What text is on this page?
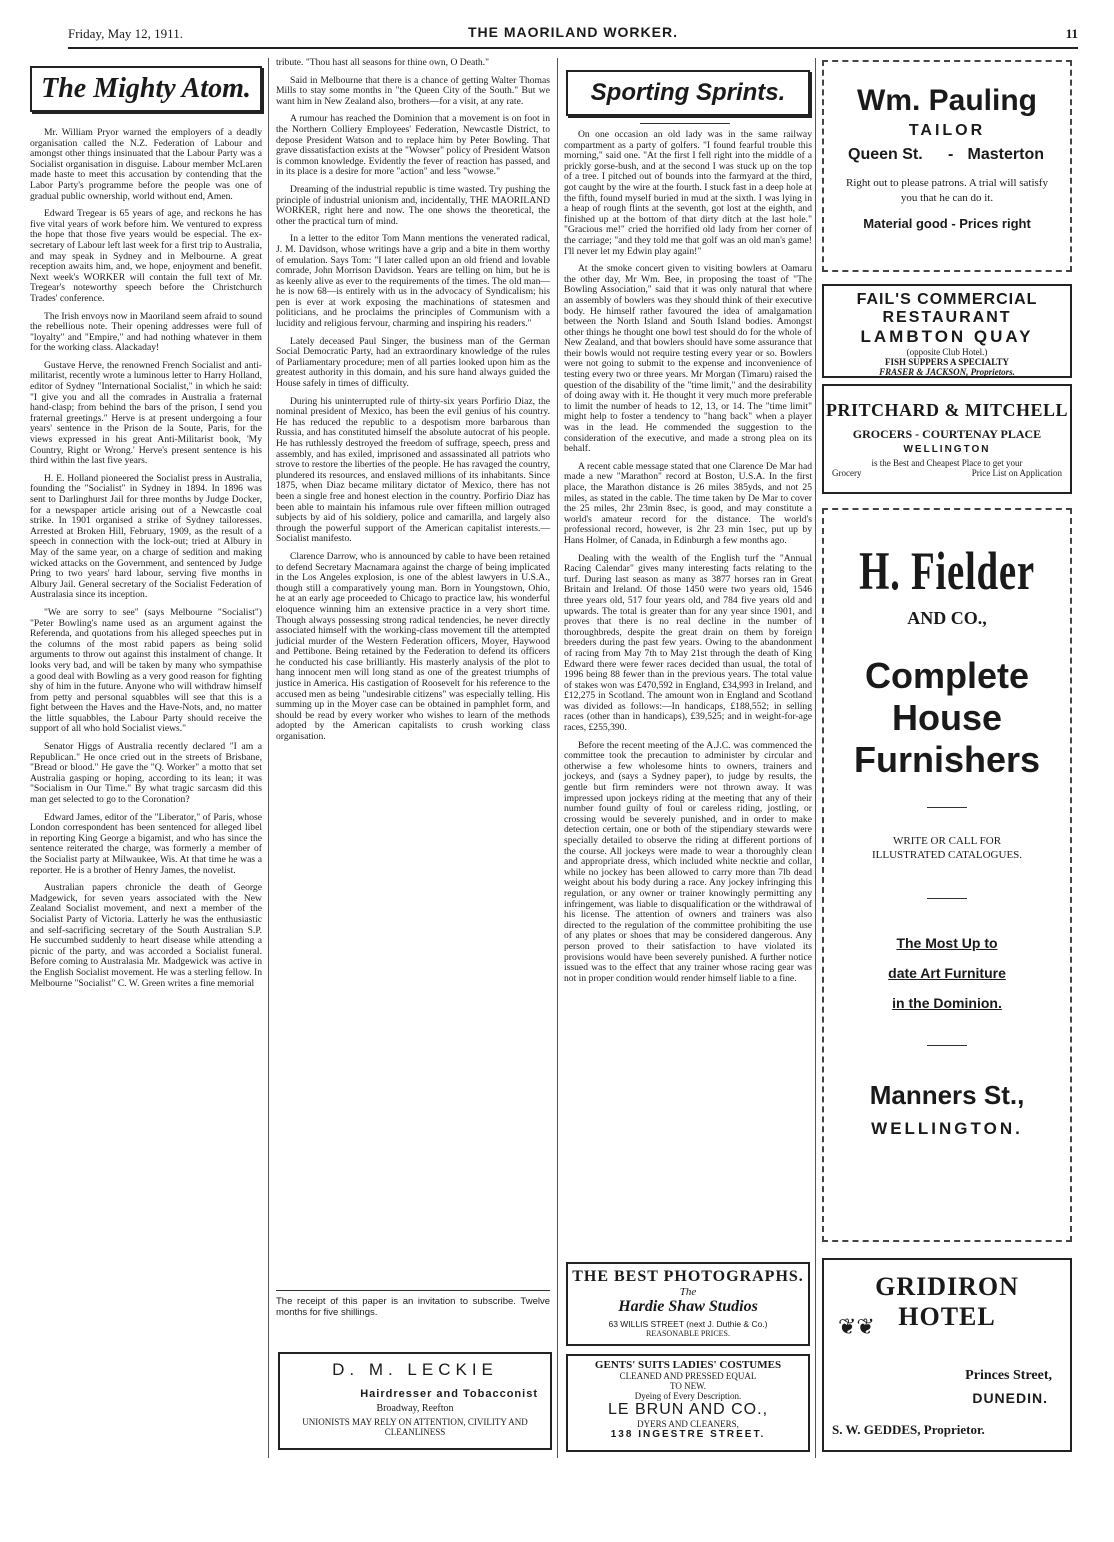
Friday, May 12, 1911.	THE MAORILAND WORKER.	11
The Mighty Atom.

Mr. William Pryor warned the employers of a deadly organisation called the N.Z. Federation of Labour and amongst other things insinuated that the Labour Party was a Socialist organisation in disguise. Labour member McLaren made haste to meet this accusation by contending that the Labor Party's programme before the people was one of gradual public ownership, world without end, Amen.

Edward Tregear is 65 years of age, and reckons he has five vital years of work before him. We ventured to express the hope that those five years would be especial. The ex-secretary of Labour left last week for a first trip to Australia, and may speak in Sydney and in Melbourne. A great reception awaits him, and, we hope, enjoyment and benefit. Next week's WORKER will contain the full text of Mr. Tregear's noteworthy speech before the Christchurch Trades' conference.

The Irish envoys now in Maoriland seem afraid to sound the rebellious note. Their opening addresses were full of "loyalty" and "Empire," and had nothing whatever in them for the working class. Alackaday!

Gustave Herve, the renowned French Socialist and anti-militarist, recently wrote a luminous letter to Harry Holland, editor of Sydney "International Socialist," in which he said: "I give you and all the comrades in Australia a fraternal hand-clasp; from behind the bars of the prison, I send you fraternal greetings." Herve is at present undergoing a four years' sentence in the Prison de la Soute, Paris, for the views expressed in his great Anti-Militarist book, 'My Country, Right or Wrong.' Herve's present sentence is his third within the last five years.

H. E. Holland pioneered the Socialist press in Australia, founding the "Socialist" in Sydney in 1894. In 1896 was sent to Darlinghurst Jail for three months by Judge Docker, for a newspaper article arising out of a Newcastle coal strike. In 1901 organised a strike of Sydney tailoresses. Arrested at Broken Hill, February, 1909, as the result of a speech in connection with the lock-out; tried at Albury in May of the same year, on a charge of sedition and making wicked attacks on the Government, and sentenced by Judge Pring to two years' hard labour, serving five months in Albury Jail. General secretary of the Socialist Federation of Australasia since its inception.

"We are sorry to see" (says Melbourne "Socialist") "Peter Bowling's name used as an argument against the Referenda, and quotations from his alleged speeches put in the columns of the most rabid papers as being solid arguments to throw out against this instalment of change. It looks very bad, and will be taken by many who sympathise a good deal with Bowling as a very good reason for fighting shy of him in the future. Anyone who will withdraw himself from petty and personal squabbles will see that this is a fight between the Haves and the Have-Nots, and, no matter the little squabbles, the Labour Party should receive the support of all who hold Socialist views."

Senator Higgs of Australia recently declared "I am a Republican." He once cried out in the streets of Brisbane, "Bread or blood." He gave the "Q. Worker" a motto that set Australia gasping or hoping, according to its lean; it was "Socialism in Our Time." By what tragic sarcasm did this man get selected to go to the Coronation?

Edward James, editor of the "Liberator," of Paris, whose London correspondent has been sentenced for alleged libel in reporting King George a bigamist, and who has since the sentence reiterated the charge, was formerly a member of the Socialist party at Milwaukee, Wis. At that time he was a reporter. He is a brother of Henry James, the novelist.

Australian papers chronicle the death of George Madgewick, for seven years associated with the New Zealand Socialist movement, and next a member of the Socialist Party of Victoria. Latterly he was the enthusiastic and self-sacrificing secretary of the South Australian S.P. He succumbed suddenly to heart disease while attending a picnic of the party, and was accorded a Socialist funeral. Before coming to Australasia Mr. Madgewick was active in the English Socialist movement. He was a sterling fellow. In Melbourne "Socialist" C. W. Green writes a fine memorial

tribute. "Thou hast all seasons for thine own, O Death."

Said in Melbourne that there is a chance of getting Walter Thomas Mills to stay some months in "the Queen City of the South." But we want him in New Zealand also, brothers—for a visit, at any rate.

A rumour has reached the Dominion that a movement is on foot in the Northern Colliery Employees' Federation, Newcastle District, to depose President Watson and to replace him by Peter Bowling. That grave dissatisfaction exists at the "Wowser" policy of President Watson is common knowledge. Evidently the fever of reaction has passed, and in its place is a desire for more "action" and less "wowse."

Dreaming of the industrial republic is time wasted. Try pushing the principle of industrial unionism and, incidentally, THE MAORILAND WORKER, right here and now. The one shows the theoretical, the other the practical turn of mind.

In a letter to the editor Tom Mann mentions the venerated radical, J. M. Davidson, whose writings have a grip and a bite in them worthy of emulation. Says Tom: "I later called upon an old friend and lovable comrade, John Morrison Davidson. Years are telling on him, but he is as keenly alive as ever to the requirements of the times. The old man—he is now 68—is entirely with us in the advocacy of Syndicalism; his pen is ever at work exposing the machinations of statesmen and politicians, and he proclaims the principles of Communism with a lucidity and religious fervour, charming and inspiring his readers."

Lately deceased Paul Singer, the business man of the German Social Democratic Party, had an extraordinary knowledge of the rules of Parliamentary procedure; men of all parties looked upon him as the greatest authority in this domain, and his sure hand always guided the House safely in times of difficulty.

During his uninterrupted rule of thirty-six years Porfirio Diaz, the nominal president of Mexico, has been the evil genius of his country. He has reduced the republic to a despotism more barbarous than Russia, and has constituted himself the absolute autocrat of his people. He has ruthlessly destroyed the freedom of suffrage, speech, press and assembly, and has exiled, imprisoned and assassinated all patriots who strove to restore the liberties of the people. He has ravaged the country, plundered its resources, and enslaved millions of its inhabitants. Since 1875, when Diaz became military dictator of Mexico, there has not been a single free and honest election in the country. Porfirio Diaz has been able to maintain his infamous rule over fifteen million outraged subjects by aid of his soldiery, police and camarilla, and largely also through the powerful support of the American capitalist interests.—Socialist manifesto.

Clarence Darrow, who is announced by cable to have been retained to defend Secretary Macnamara against the charge of being implicated in the Los Angeles explosion, is one of the ablest lawyers in U.S.A., though still a comparatively young man. Born in Youngstown, Ohio, he at an early age proceeded to Chicago to practice law, his wonderful eloquence winning him an extensive practice in a very short time. Though always possessing strong radical tendencies, he never directly associated himself with the working-class movement till the attempted judicial murder of the Western Federation officers, Moyer, Haywood and Pettibone. Being retained by the Federation to defend its officers he conducted his case brilliantly. His masterly analysis of the plot to hang innocent men will long stand as one of the greatest triumphs of justice in America. His castigation of Roosevelt for his reference to the accused men as being "undesirable citizens" was especially telling. His summing up in the Moyer case can be obtained in pamphlet form, and should be read by every worker who wishes to learn of the methods adopted by the American capitalists to crush working class organisation.

The receipt of this paper is an invitation to subscribe. Twelve months for five shillings.

D. M. LECKIE
Hairdresser and Tobacconist
Broadway, Reefton
UNIONISTS MAY RELY ON ATTENTION, CIVILITY AND CLEANLINESS
Sporting Sprints.

On one occasion an old lady was in the same railway compartment as a party of golfers. "I found fearful trouble this morning," said one. "At the first I fell right into the middle of a prickly gorse-bush, and at the second I was stuck up on the top of a tree. I pitched out of bounds into the farmyard at the third, got caught by the wire at the fourth. I stuck fast in a deep hole at the fifth, found myself buried in mud at the sixth. I was lying in a heap of rough flints at the seventh, got lost at the eighth, and finished up at the bottom of that dirty ditch at the last hole." "Gracious me!" cried the horrified old lady from her corner of the carriage; "and they told me that golf was an old man's game! I'll never let my Edwin play again!"

At the smoke concert given to visiting bowlers at Oamaru the other day, Mr Wm. Bee, in proposing the toast of "The Bowling Association," said that it was only natural that where an assembly of bowlers was they should think of their executive body. He himself rather favoured the idea of amalgamation between the North Island and South Island bodies. Amongst other things he thought one bowl test should do for the whole of New Zealand, and that bowlers should have some assurance that their bowls would not require testing every year or so. Bowlers were not going to submit to the expense and inconvenience of testing every two or three years. Mr Morgan (Timaru) raised the question of the disability of the "time limit," and the desirability of doing away with it. He thought it very much more preferable to limit the number of heads to 12, 13, or 14. The "time limit" might help to foster a tendency to "hang back" when a player was in the lead. He commended the suggestion to the consideration of the executive, and made a strong plea on its behalf.

A recent cable message stated that one Clarence De Mar had made a new "Marathon" record at Boston, U.S.A. In the first place, the Marathon distance is 26 miles 385yds, and not 25 miles, as stated in the cable. The time taken by De Mar to cover the 25 miles, 2hr 23min 8sec, is good, and may constitute a world's amateur record for the distance. The world's professional record, however, is 2hr 23 min 1sec, put up by Hans Holmer, of Canada, in Edinburgh a few months ago.

Dealing with the wealth of the English turf the "Annual Racing Calendar" gives many interesting facts relating to the turf. During last season as many as 3877 horses ran in Great Britain and Ireland. Of those 1450 were two years old, 1546 three years old, 517 four years old, and 784 five years old and upwards. The total is greater than for any year since 1901, and proves that there is no real decline in the number of thoroughbreds, despite the great drain on them by foreign breeders during the past few years. Owing to the abandonment of racing from May 7th to May 21st through the death of King Edward there were fewer races decided than usual, the total of 1996 being 88 fewer than in the previous years. The total value of stakes won was £470,592 in England, £34,993 in Ireland, and £12,275 in Scotland. The amount won in England and Scotland was divided as follows:—In handicaps, £188,552; in selling races (other than in handicaps), £39,525; and in weight-for-age races, £255,390.

Before the recent meeting of the A.J.C. was commenced the committee took the precaution to administer by circular and otherwise a few wholesome hints to owners, trainers and jockeys, and (says a Sydney paper), to judge by results, the gentle but firm reminders were not thrown away. It was impressed upon jockeys riding at the meeting that any of their number found guilty of foul or careless riding, jostling, or crossing would be severely punished, and in order to make detection certain, one or both of the stipendiary stewards were specially detailed to observe the riding at different portions of the course. All jockeys were made to wear a thoroughly clean and appropriate dress, which included white necktie and collar, while no jockey has been allowed to carry more than 7lb dead weight about his body during a race. Any jockey infringing this regulation, or any owner or trainer knowingly permitting any infringement, was liable to disqualification or the withdrawal of his license. The attention of owners and trainers was also directed to the regulation of the committee prohibiting the use of any plates or shoes that may be considered dangerous. Any person proved to their satisfaction to have violated its provisions would have been severely punished. A further notice issued was to the effect that any trainer whose racing gear was not in proper condition would render himself liable to a fine.

THE BEST PHOTOGRAPHS.
The
Hardie Shaw Studios
63 WILLIS STREET (next J. Duthie & Co.)
REASONABLE PRICES.
GENTS' SUITS LADIES' COSTUMES
CLEANED AND PRESSED EQUAL
TO NEW.
Dyeing of Every Description.
LE BRUN AND CO.,
DYERS AND CLEANERS,
138 INGESTRE STREET.
Wm. Pauling
TAILOR
Queen St. - Masterton
Right out to please patrons. A trial will satisfy you that he can do it.
Material good - Prices right
FAIL'S COMMERCIAL
RESTAURANT
LAMBTON QUAY
(opposite Club Hotel.)
FISH SUPPERS A SPECIALTY
FRASER & JACKSON, Proprietors.
PRITCHARD & MITCHELL
GROCERS - COURTENAY PLACE
WELLINGTON
is the Best and Cheapest Place to get your
Grocery	Price List on Application
H. Fielder
AND CO.,
Complete
House
Furnishers
WRITE OR CALL FOR ILLUSTRATED CATALOGUES.
The Most Up to
date Art Furniture
in the Dominion.
Manners St.,
WELLINGTON.
GRIDIRON HOTEL
❦❦
Princes Street,
DUNEDIN.
S. W. GEDDES, Proprietor.
